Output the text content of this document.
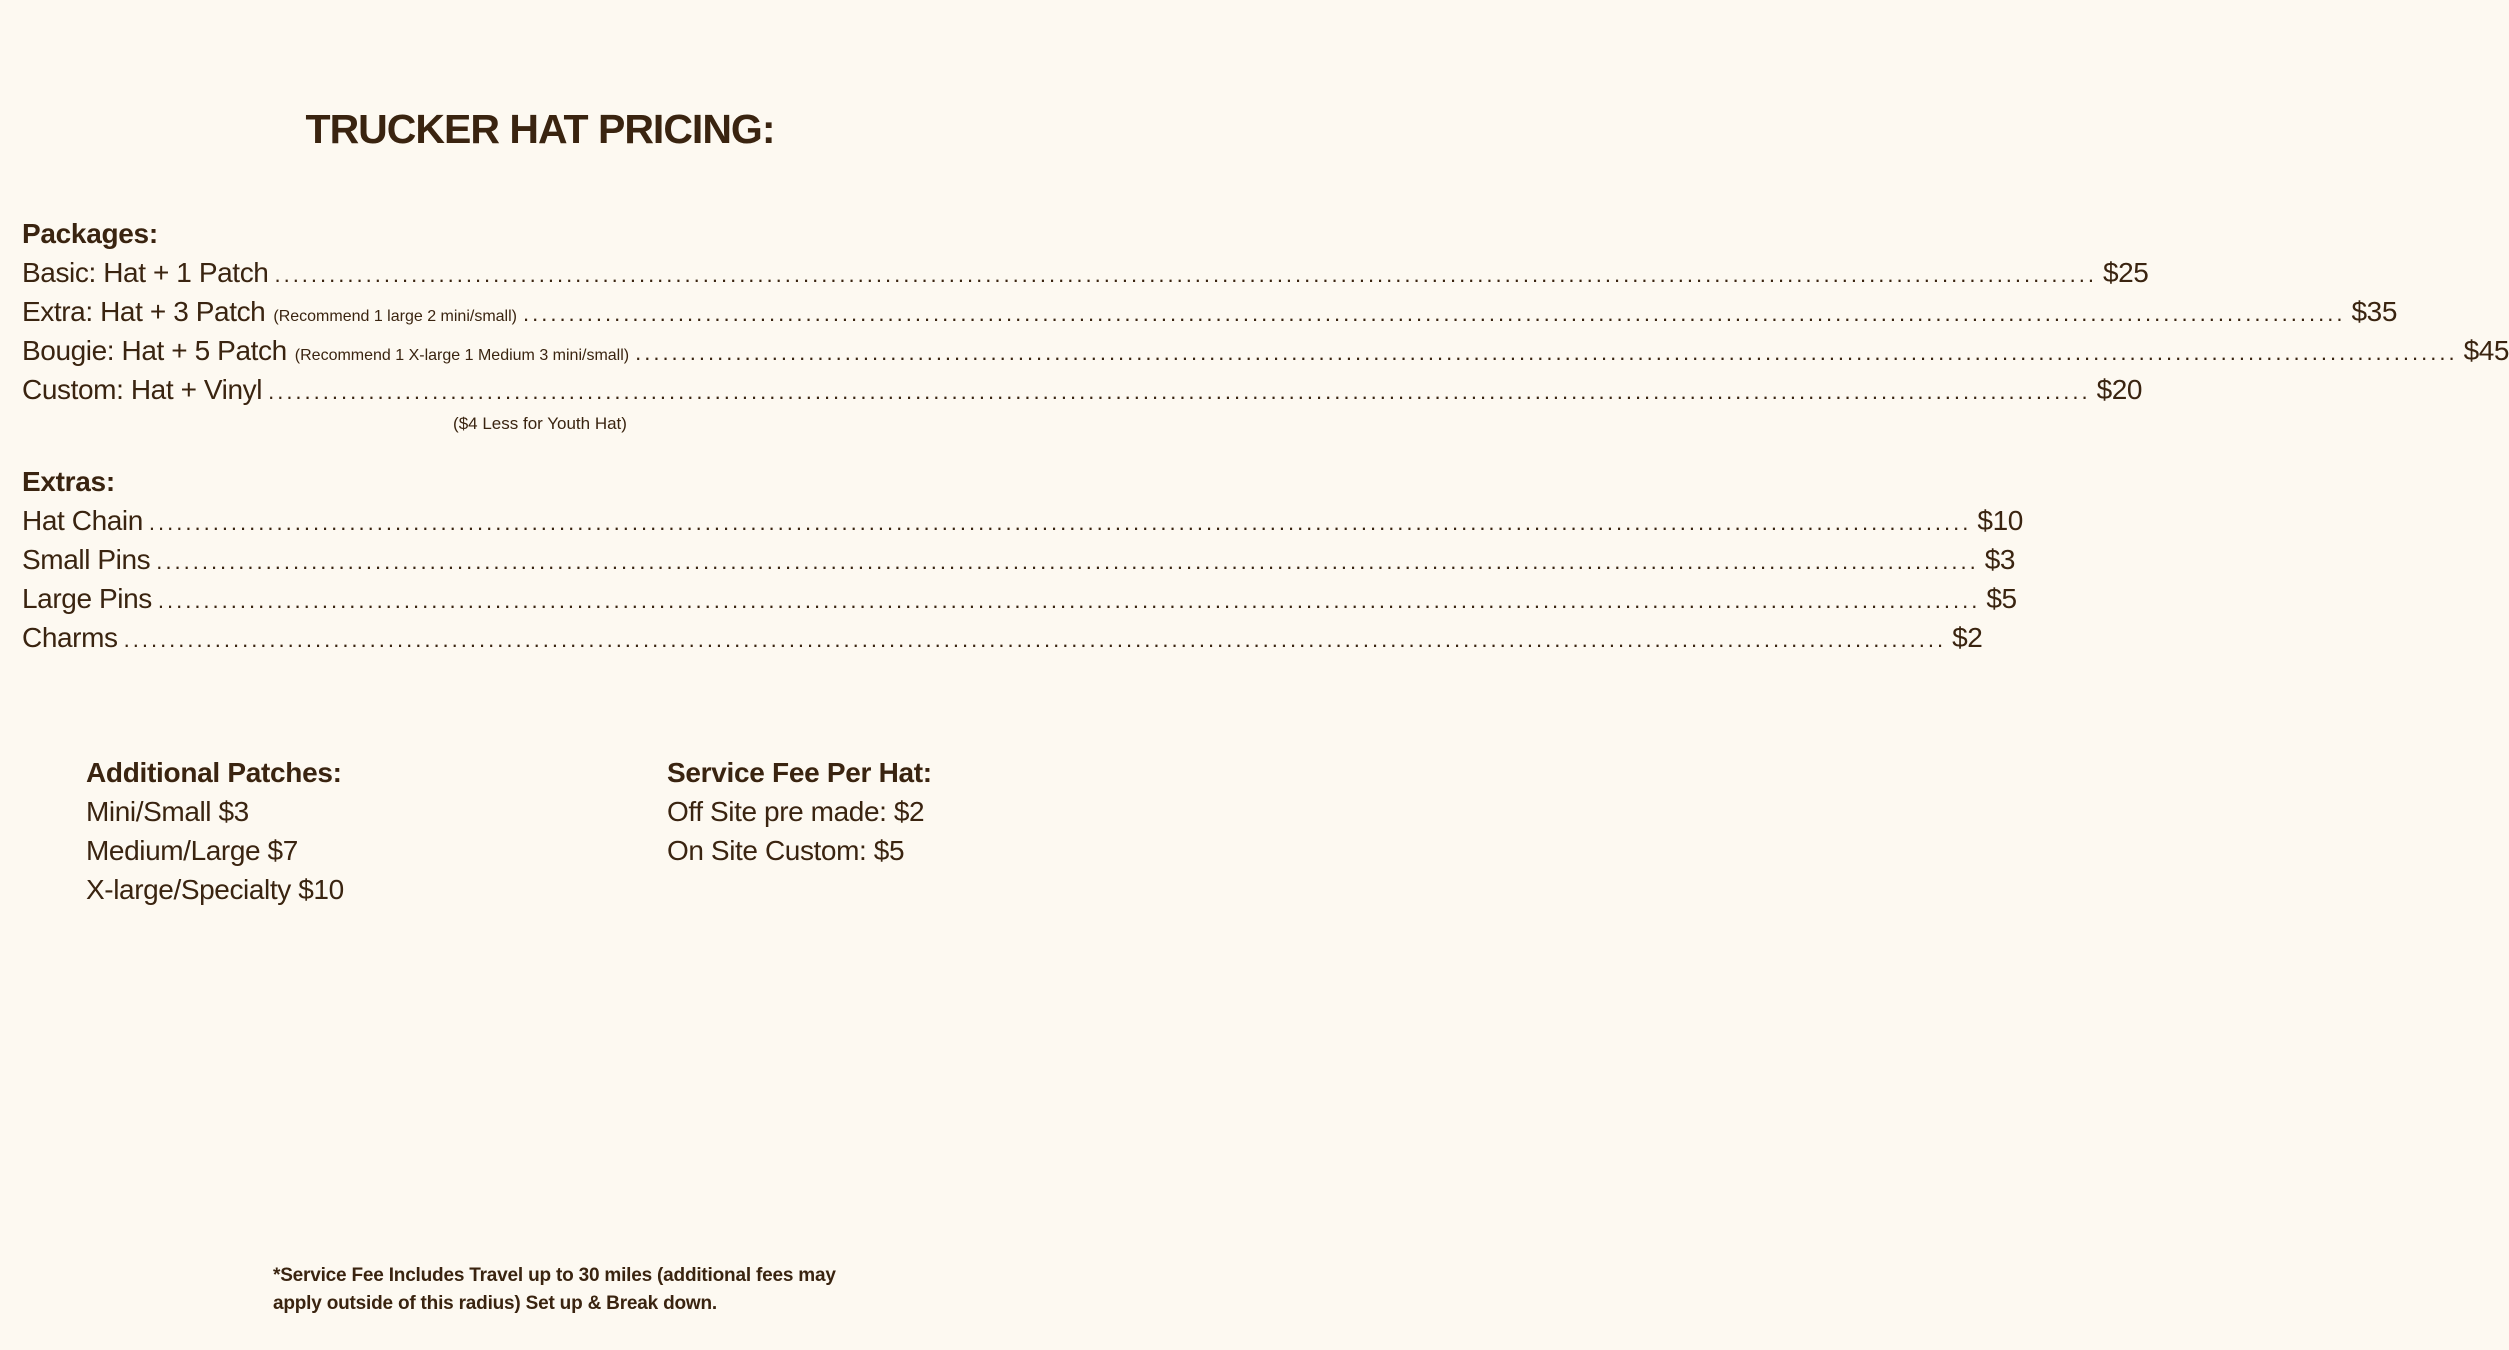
TRUCKER HAT PRICING:
Packages:
Basic: Hat + 1 Patch ........................................................................................................................................................................................................ $25
Extra: Hat + 3 Patch (Recommend 1 large 2 mini/small) ........................................................................................................................................................................................................ $35
Bougie: Hat + 5 Patch (Recommend 1 X-large 1 Medium 3 mini/small) ........................................................................................................................................................................................................ $45
Custom: Hat + Vinyl ........................................................................................................................................................................................................ $20
($4 Less for Youth Hat)
Extras:
Hat Chain ........................................................................................................................................................................................................ $10
Small Pins ........................................................................................................................................................................................................ $3
Large Pins ........................................................................................................................................................................................................ $5
Charms ........................................................................................................................................................................................................ $2
Additional Patches:
Mini/Small $3
Medium/Large $7
X-large/Specialty $10
Service Fee Per Hat:
Off Site pre made: $2
On Site Custom: $5
*Service Fee Includes Travel up to 30 miles (additional fees may apply outside of this radius) Set up & Break down.
